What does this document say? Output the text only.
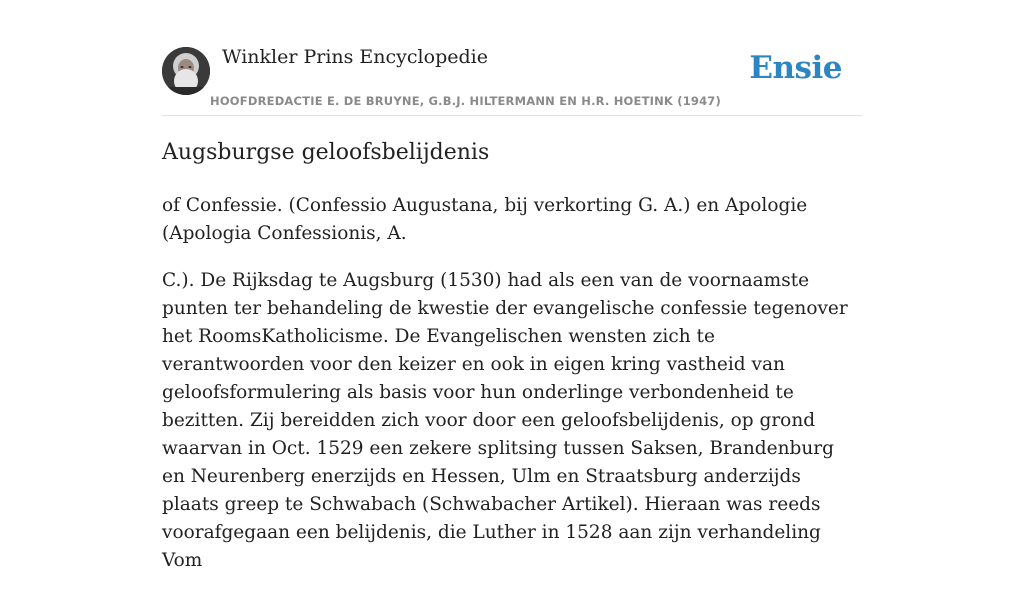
Winkler Prins Encyclopedie
HOOFDREDACTIE E. DE BRUYNE, G.B.J. HILTERMANN EN H.R. HOETINK (1947)
Ensie
Augsburgse geloofsbelijdenis

of Confessie. (Confessio Augustana, bij verkorting G. A.) en Apologie (Apologia Confessionis, A.

C.). De Rijksdag te Augsburg (1530) had als een van de voornaamste punten ter behandeling de kwestie der evangelische confessie tegenover het RoomsKatholicisme. De Evangelischen wensten zich te verantwoorden voor den keizer en ook in eigen kring vastheid van geloofsformulering als basis voor hun onderlinge verbondenheid te bezitten. Zij bereidden zich voor door een geloofsbelijdenis, op grond waarvan in Oct. 1529 een zekere splitsing tussen Saksen, Brandenburg en Neurenberg enerzijds en Hessen, Ulm en Straatsburg anderzijds plaats greep te Schwabach (Schwabacher Artikel). Hieraan was reeds voorafgegaan een belijdenis, die Luther in 1528 aan zijn verhandeling Vom
